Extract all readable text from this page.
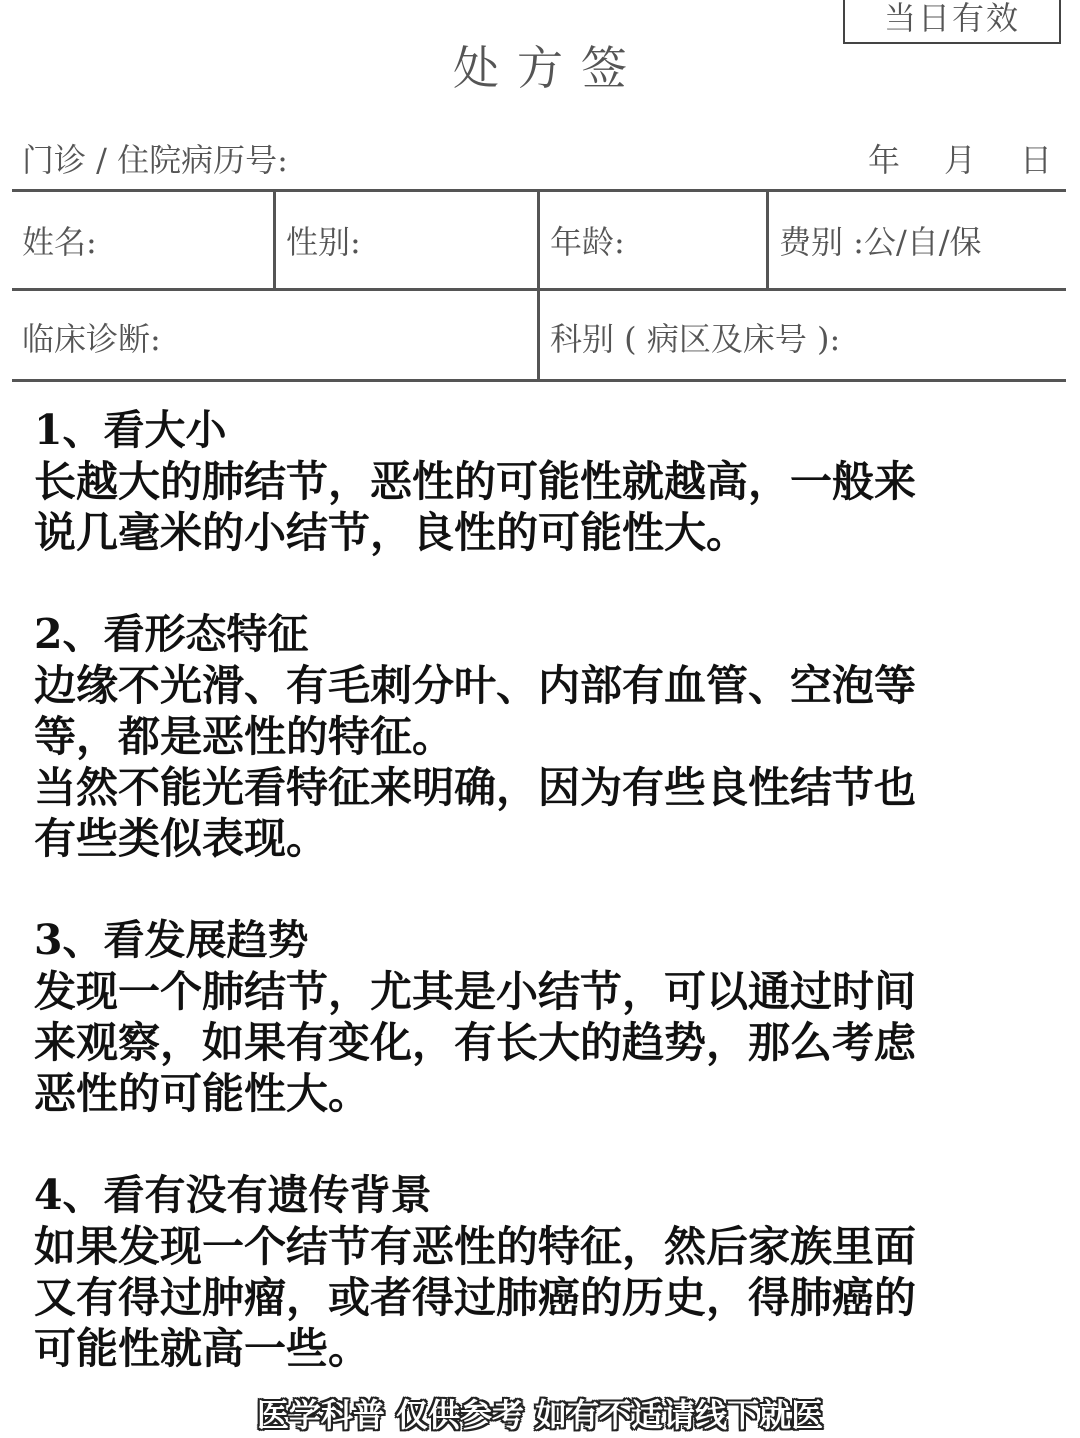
当日有效
处方签
门诊 / 住院病历号:	年 月 日
姓名:	性别:	年龄:	费别 :公/自/保
临床诊断:	科别 ( 病区及床号 ):

1、看大小

长越大的肺结节，恶性的可能性就越高，一般来

说几毫米的小结节，良性的可能性大。

2、看形态特征

边缘不光滑、有毛刺分叶、内部有血管、空泡等

等，都是恶性的特征。

当然不能光看特征来明确，因为有些良性结节也

有些类似表现。

3、看发展趋势

发现一个肺结节，尤其是小结节，可以通过时间

来观察，如果有变化，有长大的趋势，那么考虑

恶性的可能性大。

4、看有没有遗传背景

如果发现一个结节有恶性的特征，然后家族里面

又有得过肿瘤，或者得过肺癌的历史，得肺癌的

可能性就高一些。

医学科普 仅供参考 如有不适请线下就医
